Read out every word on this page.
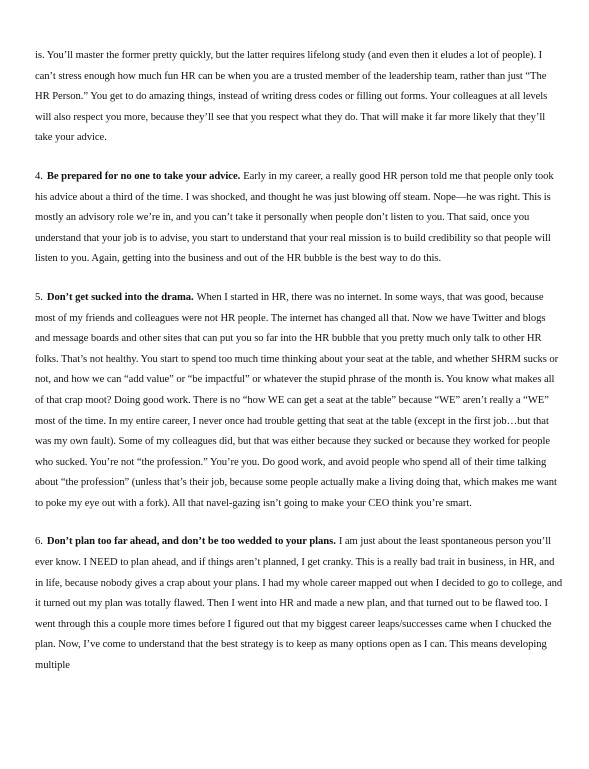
is. You’ll master the former pretty quickly, but the latter requires lifelong study (and even then it eludes a lot of people). I can’t stress enough how much fun HR can be when you are a trusted member of the leadership team, rather than just “The HR Person.” You get to do amazing things, instead of writing dress codes or filling out forms. Your colleagues at all levels will also respect you more, because they’ll see that you respect what they do. That will make it far more likely that they’ll take your advice.

4. Be prepared for no one to take your advice. Early in my career, a really good HR person told me that people only took his advice about a third of the time. I was shocked, and thought he was just blowing off steam. Nope—he was right. This is mostly an advisory role we’re in, and you can’t take it personally when people don’t listen to you. That said, once you understand that your job is to advise, you start to understand that your real mission is to build credibility so that people will listen to you. Again, getting into the business and out of the HR bubble is the best way to do this.

5. Don’t get sucked into the drama. When I started in HR, there was no internet. In some ways, that was good, because most of my friends and colleagues were not HR people. The internet has changed all that. Now we have Twitter and blogs and message boards and other sites that can put you so far into the HR bubble that you pretty much only talk to other HR folks. That’s not healthy. You start to spend too much time thinking about your seat at the table, and whether SHRM sucks or not, and how we can “add value” or “be impactful” or whatever the stupid phrase of the month is. You know what makes all of that crap moot? Doing good work. There is no “how WE can get a seat at the table” because “WE” aren’t really a “WE” most of the time. In my entire career, I never once had trouble getting that seat at the table (except in the first job…but that was my own fault). Some of my colleagues did, but that was either because they sucked or because they worked for people who sucked. You’re not “the profession.” You’re you. Do good work, and avoid people who spend all of their time talking about “the profession” (unless that’s their job, because some people actually make a living doing that, which makes me want to poke my eye out with a fork). All that navel-gazing isn’t going to make your CEO think you’re smart.

6. Don’t plan too far ahead, and don’t be too wedded to your plans. I am just about the least spontaneous person you’ll ever know. I NEED to plan ahead, and if things aren’t planned, I get cranky. This is a really bad trait in business, in HR, and in life, because nobody gives a crap about your plans. I had my whole career mapped out when I decided to go to college, and it turned out my plan was totally flawed. Then I went into HR and made a new plan, and that turned out to be flawed too. I went through this a couple more times before I figured out that my biggest career leaps/successes came when I chucked the plan. Now, I’ve come to understand that the best strategy is to keep as many options open as I can. This means developing multiple
